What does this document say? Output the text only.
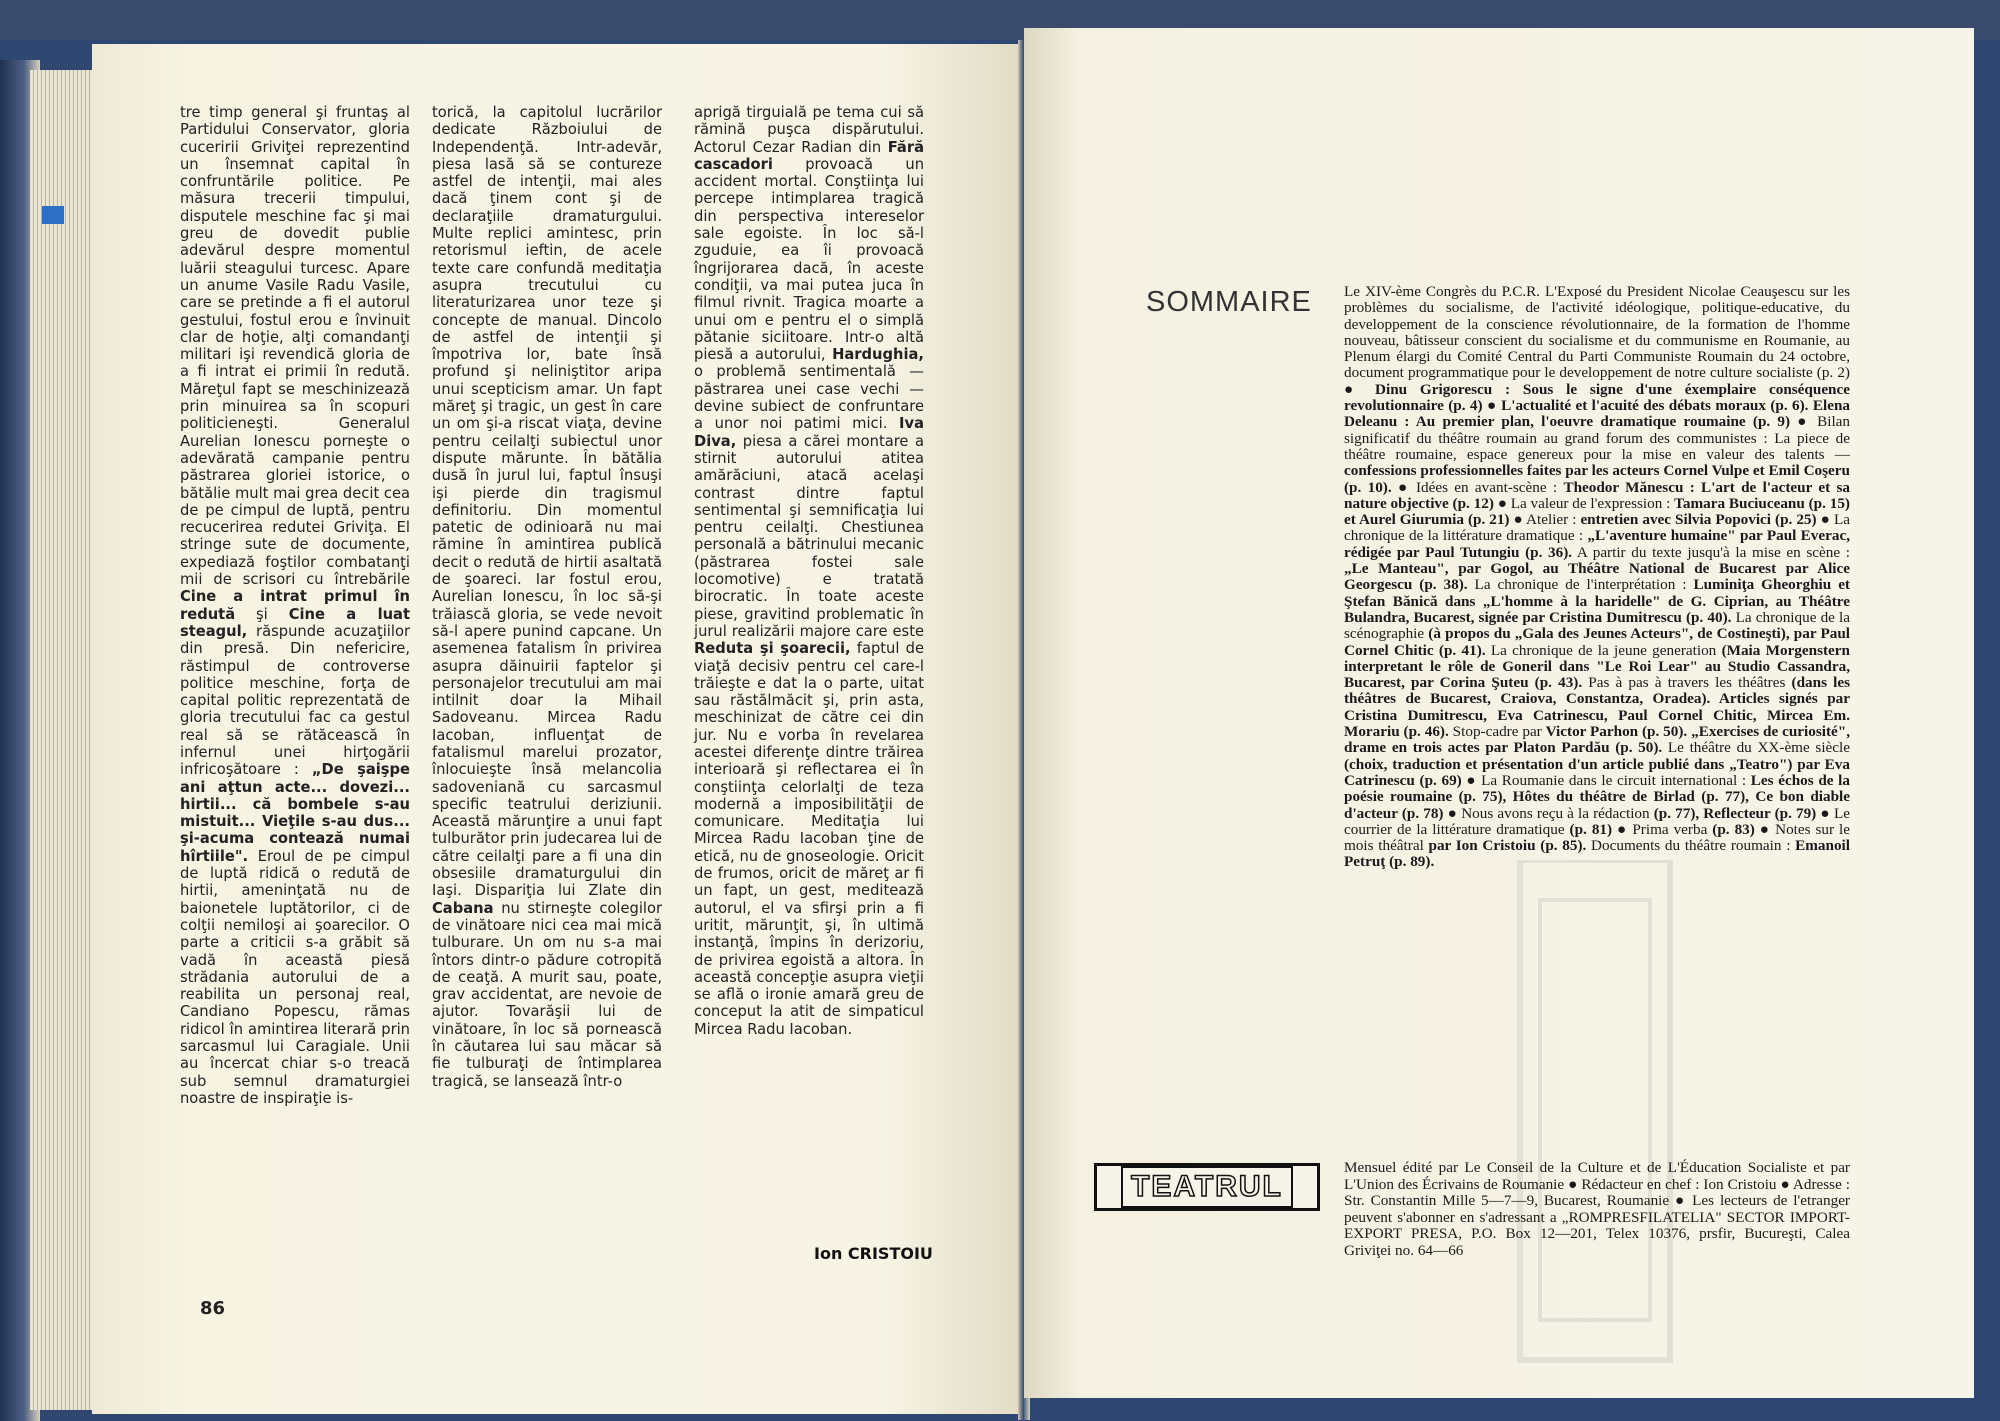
tre timp general şi fruntaş al Partidului Conservator, gloria cuceririi Griviţei reprezentind un însemnat capital în confruntările politice. Pe măsura trecerii timpului, disputele meschine fac şi mai greu de dovedit publie adevărul despre momentul luării steagului turcesc. Apare un anume Vasile Radu Vasile, care se pretinde a fi el autorul gestului, fostul erou e învinuit clar de hoţie, alţi comandanţi militari işi revendică gloria de a fi intrat ei primii în redută. Măreţul fapt se meschinizează prin minuirea sa în scopuri politicieneşti. Generalul Aurelian Ionescu porneşte o adevărată campanie pentru păstrarea gloriei istorice, o bătălie mult mai grea decit cea de pe cimpul de luptă, pentru recucerirea redutei Griviţa. El stringe sute de documente, expediază foştilor combatanţi mii de scrisori cu întrebările Cine a intrat primul în redută şi Cine a luat steagul, răspunde acuzaţiilor din presă. Din nefericire, răstimpul de controverse politice meschine, forţa de capital politic reprezentată de gloria trecutului fac ca gestul real să se rătăcească în infernul unei hirţogării infricoşătoare : „De şaişpe ani aţtun acte... dovezi... hirtii... că bombele s-au mistuit... Vieţile s-au dus... şi-acuma contează numai hîrtiile". Eroul de pe cimpul de luptă ridică o redută de hirtii, ameninţată nu de baionetele luptătorilor, ci de colţii nemiloşi ai şoarecilor. O parte a criticii s-a grăbit să vadă în această piesă strădania autorului de a reabilita un personaj real, Candiano Popescu, rămas ridicol în amintirea literară prin sarcasmul lui Caragiale. Unii au încercat chiar s-o treacă sub semnul dramaturgiei noastre de inspiraţie is-

torică, la capitolul lucrărilor dedicate Războiului de Independenţă. Intr-adevăr, piesa lasă să se contureze astfel de intenţii, mai ales dacă ţinem cont şi de declaraţiile dramaturgului. Multe replici amintesc, prin retorismul ieftin, de acele texte care confundă meditaţia asupra trecutului cu literaturizarea unor teze şi concepte de manual. Dincolo de astfel de intenţii şi împotriva lor, bate însă profund şi neliniştitor aripa unui scepticism amar. Un fapt măreţ şi tragic, un gest în care un om şi-a riscat viaţa, devine pentru ceilalţi subiectul unor dispute mărunte. În bătălia dusă în jurul lui, faptul însuşi işi pierde din tragismul definitoriu. Din momentul patetic de odinioară nu mai rămine în amintirea publică decit o redută de hirtii asaltată de şoareci. Iar fostul erou, Aurelian Ionescu, în loc să-şi trăiască gloria, se vede nevoit să-l apere punind capcane. Un asemenea fatalism în privirea asupra dăinuirii faptelor şi personajelor trecutului am mai intilnit doar la Mihail Sadoveanu. Mircea Radu Iacoban, influenţat de fatalismul marelui prozator, înlocuieşte însă melancolia sadoveniană cu sarcasmul specific teatrului deriziunii. Această mărunţire a unui fapt tulburător prin judecarea lui de către ceilalţi pare a fi una din obsesiile dramaturgului din Iaşi. Dispariţia lui Zlate din Cabana nu stirneşte colegilor de vinătoare nici cea mai mică tulburare. Un om nu s-a mai întors dintr-o pădure cotropită de ceaţă. A murit sau, poate, grav accidentat, are nevoie de ajutor. Tovarăşii lui de vinătoare, în loc să pornească în căutarea lui sau măcar să fie tulburaţi de întimplarea tragică, se lansează într-o

aprigă tirguială pe tema cui să rămină puşca dispărutului. Actorul Cezar Radian din Fără cascadori provoacă un accident mortal. Conştiinţa lui percepe intimplarea tragică din perspectiva intereselor sale egoiste. În loc să-l zguduie, ea îi provoacă îngrijorarea dacă, în aceste condiţii, va mai putea juca în filmul rivnit. Tragica moarte a unui om e pentru el o simplă pătanie siciitoare. Intr-o altă piesă a autorului, Hardughia, o problemă sentimentală — păstrarea unei case vechi — devine subiect de confruntare a unor noi patimi mici. Iva Diva, piesa a cărei montare a stirnit autorului atitea amărăciuni, atacă acelaşi contrast dintre faptul sentimental şi semnificaţia lui pentru ceilalţi. Chestiunea personală a bătrinului mecanic (păstrarea fostei sale locomotive) e tratată birocratic. În toate aceste piese, gravitind problematic în jurul realizării majore care este Reduta şi şoarecii, faptul de viaţă decisiv pentru cel care-l trăieşte e dat la o parte, uitat sau răstălmăcit şi, prin asta, meschinizat de către cei din jur. Nu e vorba în revelarea acestei diferenţe dintre trăirea interioară şi reflectarea ei în conştiinţa celorlalţi de teza modernă a imposibilităţii de comunicare. Meditaţia lui Mircea Radu Iacoban ţine de etică, nu de gnoseologie. Oricit de frumos, oricit de măreţ ar fi un fapt, un gest, meditează autorul, el va sfirşi prin a fi uritit, mărunţit, şi, în ultimă instanţă, împins în derizoriu, de privirea egoistă a altora. În această concepţie asupra vieţii se află o ironie amară greu de conceput la atit de simpaticul Mircea Radu Iacoban.

Ion CRISTOIU
86
SOMMAIRE Le XIV-ème Congrès du P.C.R. L'Exposé du President Nicolae Ceauşescu sur les problèmes du socialisme, de l'activité idéologique, politique-educative, du developpement de la conscience révolutionnaire, de la formation de l'homme nouveau, bâtisseur conscient du socialisme et du communisme en Roumanie, au Plenum élargi du Comité Central du Parti Communiste Roumain du 24 octobre, document programmatique pour le developpement de notre culture socialiste (p. 2) ● Dinu Grigorescu : Sous le signe d'une éxemplaire conséquence revolutionnaire (p. 4) ● L'actualité et l'acuité des débats moraux (p. 6). Elena Deleanu : Au premier plan, l'oeuvre dramatique roumaine (p. 9) ● Bilan significatif du théâtre roumain au grand forum des communistes : La piece de théâtre roumaine, espace genereux pour la mise en valeur des talents — confessions professionnelles faites par les acteurs Cornel Vulpe et Emil Coşeru (p. 10). ● Idées en avant-scène : Theodor Mănescu : L'art de l'acteur et sa nature objective (p. 12) ● La valeur de l'expression : Tamara Buciuceanu (p. 15) et Aurel Giurumia (p. 21) ● Atelier : entretien avec Silvia Popovici (p. 25) ● La chronique de la littérature dramatique : „L'aventure humaine" par Paul Everac, rédigée par Paul Tutungiu (p. 36). A partir du texte jusqu'à la mise en scène : „Le Manteau", par Gogol, au Théâtre National de Bucarest par Alice Georgescu (p. 38). La chronique de l'interprétation : Luminiţa Gheorghiu et Ştefan Bănică dans „L'homme à la haridelle" de G. Ciprian, au Théâtre Bulandra, Bucarest, signée par Cristina Dumitrescu (p. 40). La chronique de la scénographie (à propos du „Gala des Jeunes Acteurs", de Costineşti), par Paul Cornel Chitic (p. 41). La chronique de la jeune generation (Maia Morgenstern interpretant le rôle de Goneril dans "Le Roi Lear" au Studio Cassandra, Bucarest, par Corina Şuteu (p. 43). Pas à pas à travers les théâtres (dans les théâtres de Bucarest, Craiova, Constantza, Oradea). Articles signés par Cristina Dumitrescu, Eva Catrinescu, Paul Cornel Chitic, Mircea Em. Morariu (p. 46). Stop-cadre par Victor Parhon (p. 50). „Exercises de curiosité", drame en trois actes par Platon Pardău (p. 50). Le théâtre du XX-ème siècle (choix, traduction et présentation d'un article publié dans „Teatro") par Eva Catrinescu (p. 69) ● La Roumanie dans le circuit international : Les échos de la poésie roumaine (p. 75), Hôtes du théâtre de Birlad (p. 77), Ce bon diable d'acteur (p. 78) ● Nous avons reçu à la rédaction (p. 77), Reflecteur (p. 79) ● Le courrier de la littérature dramatique (p. 81) ● Prima verba (p. 83) ● Notes sur le mois théâtral par Ion Cristoiu (p. 85). Documents du théâtre roumain : Emanoil Petruţ (p. 89).
TEATRUL
Mensuel édité par Le Conseil de la Culture et de L'Éducation Socialiste et par L'Union des Écrivains de Roumanie ● Rédacteur en chef : Ion Cristoiu ● Adresse : Str. Constantin Mille 5—7—9, Bucarest, Roumanie ● Les lecteurs de l'etranger peuvent s'abonner en s'adressant a „ROMPRESFILATELIA" SECTOR IMPORT-EXPORT PRESA, P.O. Box 12—201, Telex 10376, prsfir, Bucureşti, Calea Griviţei no. 64—66
